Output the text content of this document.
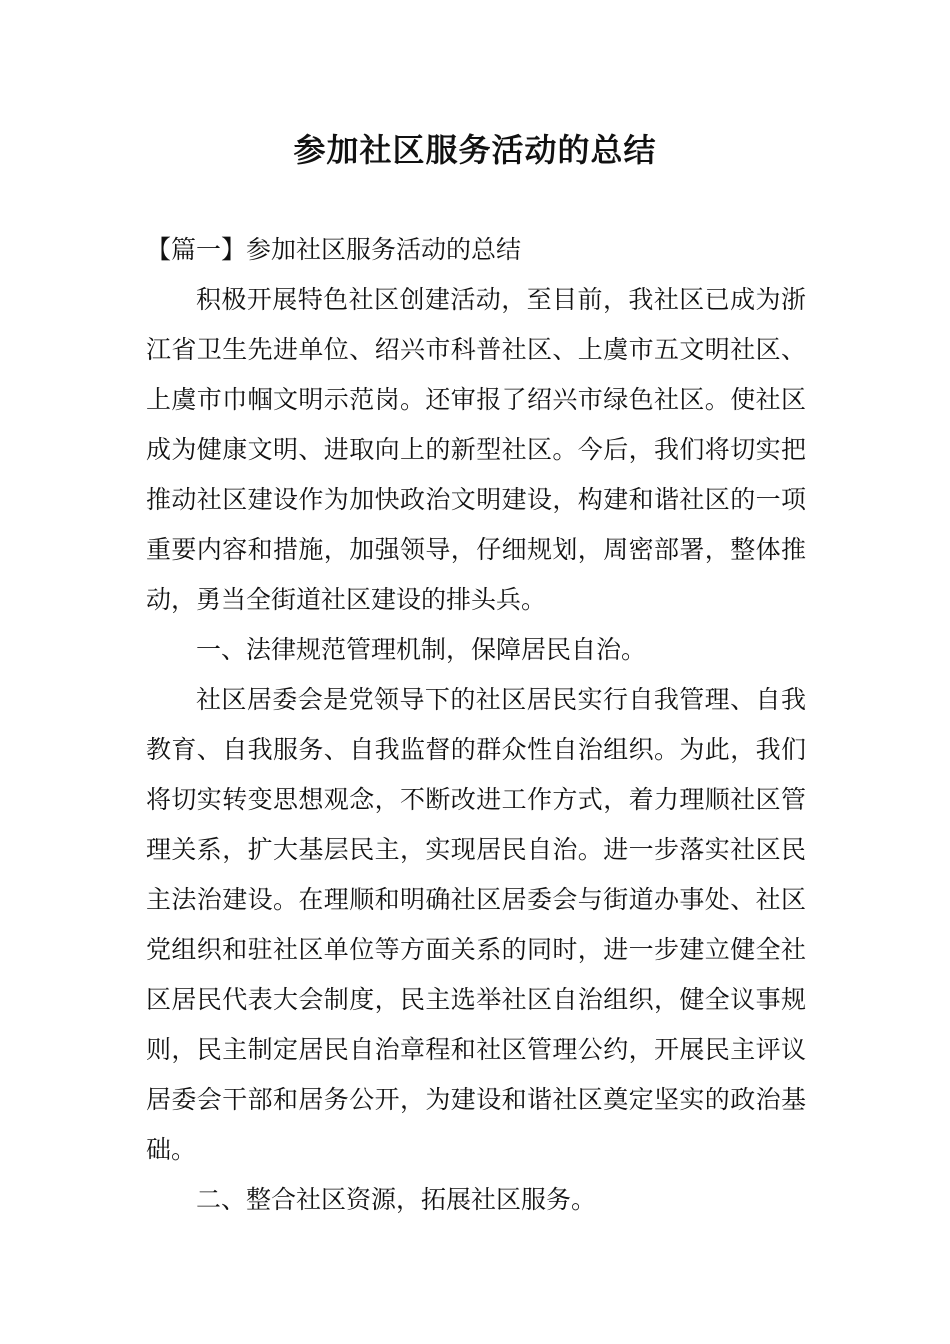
参加社区服务活动的总结

【篇一】参加社区服务活动的总结

积极开展特色社区创建活动，至目前，我社区已成为浙江省卫生先进单位、绍兴市科普社区、上虞市五文明社区、上虞市巾帼文明示范岗。还审报了绍兴市绿色社区。使社区成为健康文明、进取向上的新型社区。今后，我们将切实把推动社区建设作为加快政治文明建设，构建和谐社区的一项重要内容和措施，加强领导，仔细规划，周密部署，整体推动，勇当全街道社区建设的排头兵。

一、法律规范管理机制，保障居民自治。

社区居委会是党领导下的社区居民实行自我管理、自我教育、自我服务、自我监督的群众性自治组织。为此，我们将切实转变思想观念，不断改进工作方式，着力理顺社区管理关系，扩大基层民主，实现居民自治。进一步落实社区民主法治建设。在理顺和明确社区居委会与街道办事处、社区党组织和驻社区单位等方面关系的同时，进一步建立健全社区居民代表大会制度，民主选举社区自治组织，健全议事规则，民主制定居民自治章程和社区管理公约，开展民主评议居委会干部和居务公开，为建设和谐社区奠定坚实的政治基础。

二、整合社区资源，拓展社区服务。
